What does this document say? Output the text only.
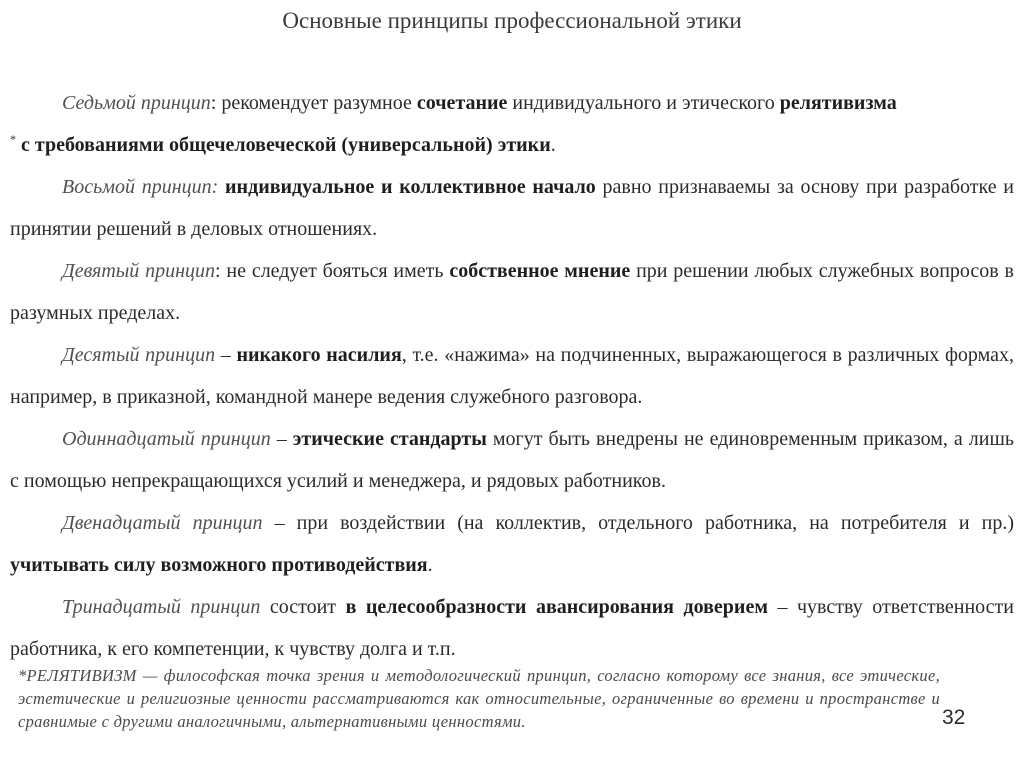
Основные принципы профессиональной этики

Седьмой принцип: рекомендует разумное сочетание индивидуального и этического релятивизма
* с требованиями общечеловеческой (универсальной) этики.

Восьмой принцип: индивидуальное и коллективное начало равно признаваемы за основу при разработке и принятии решений в деловых отношениях.

Девятый принцип: не следует бояться иметь собственное мнение при решении любых служебных вопросов в разумных пределах.

Десятый принцип – никакого насилия, т.е. «нажима» на подчиненных, выражающегося в различных формах, например, в приказной, командной манере ведения служебного разговора.

Одиннадцатый принцип – этические стандарты могут быть внедрены не единовременным приказом, а лишь с помощью непрекращающихся усилий и менеджера, и рядовых работников.

Двенадцатый принцип – при воздействии (на коллектив, отдельного работника, на потребителя и пр.) учитывать силу возможного противодействия.

Тринадцатый принцип состоит в целесообразности авансирования доверием – чувству ответственности работника, к его компетенции, к чувству долга и т.п.

*РЕЛЯТИВИЗМ — философская точка зрения и методологический принцип, согласно которому все знания, все этические, эстетические и религиозные ценности рассматриваются как относительные, ограниченные во времени и пространстве и сравнимые с другими аналогичными, альтернативными ценностями.	32
